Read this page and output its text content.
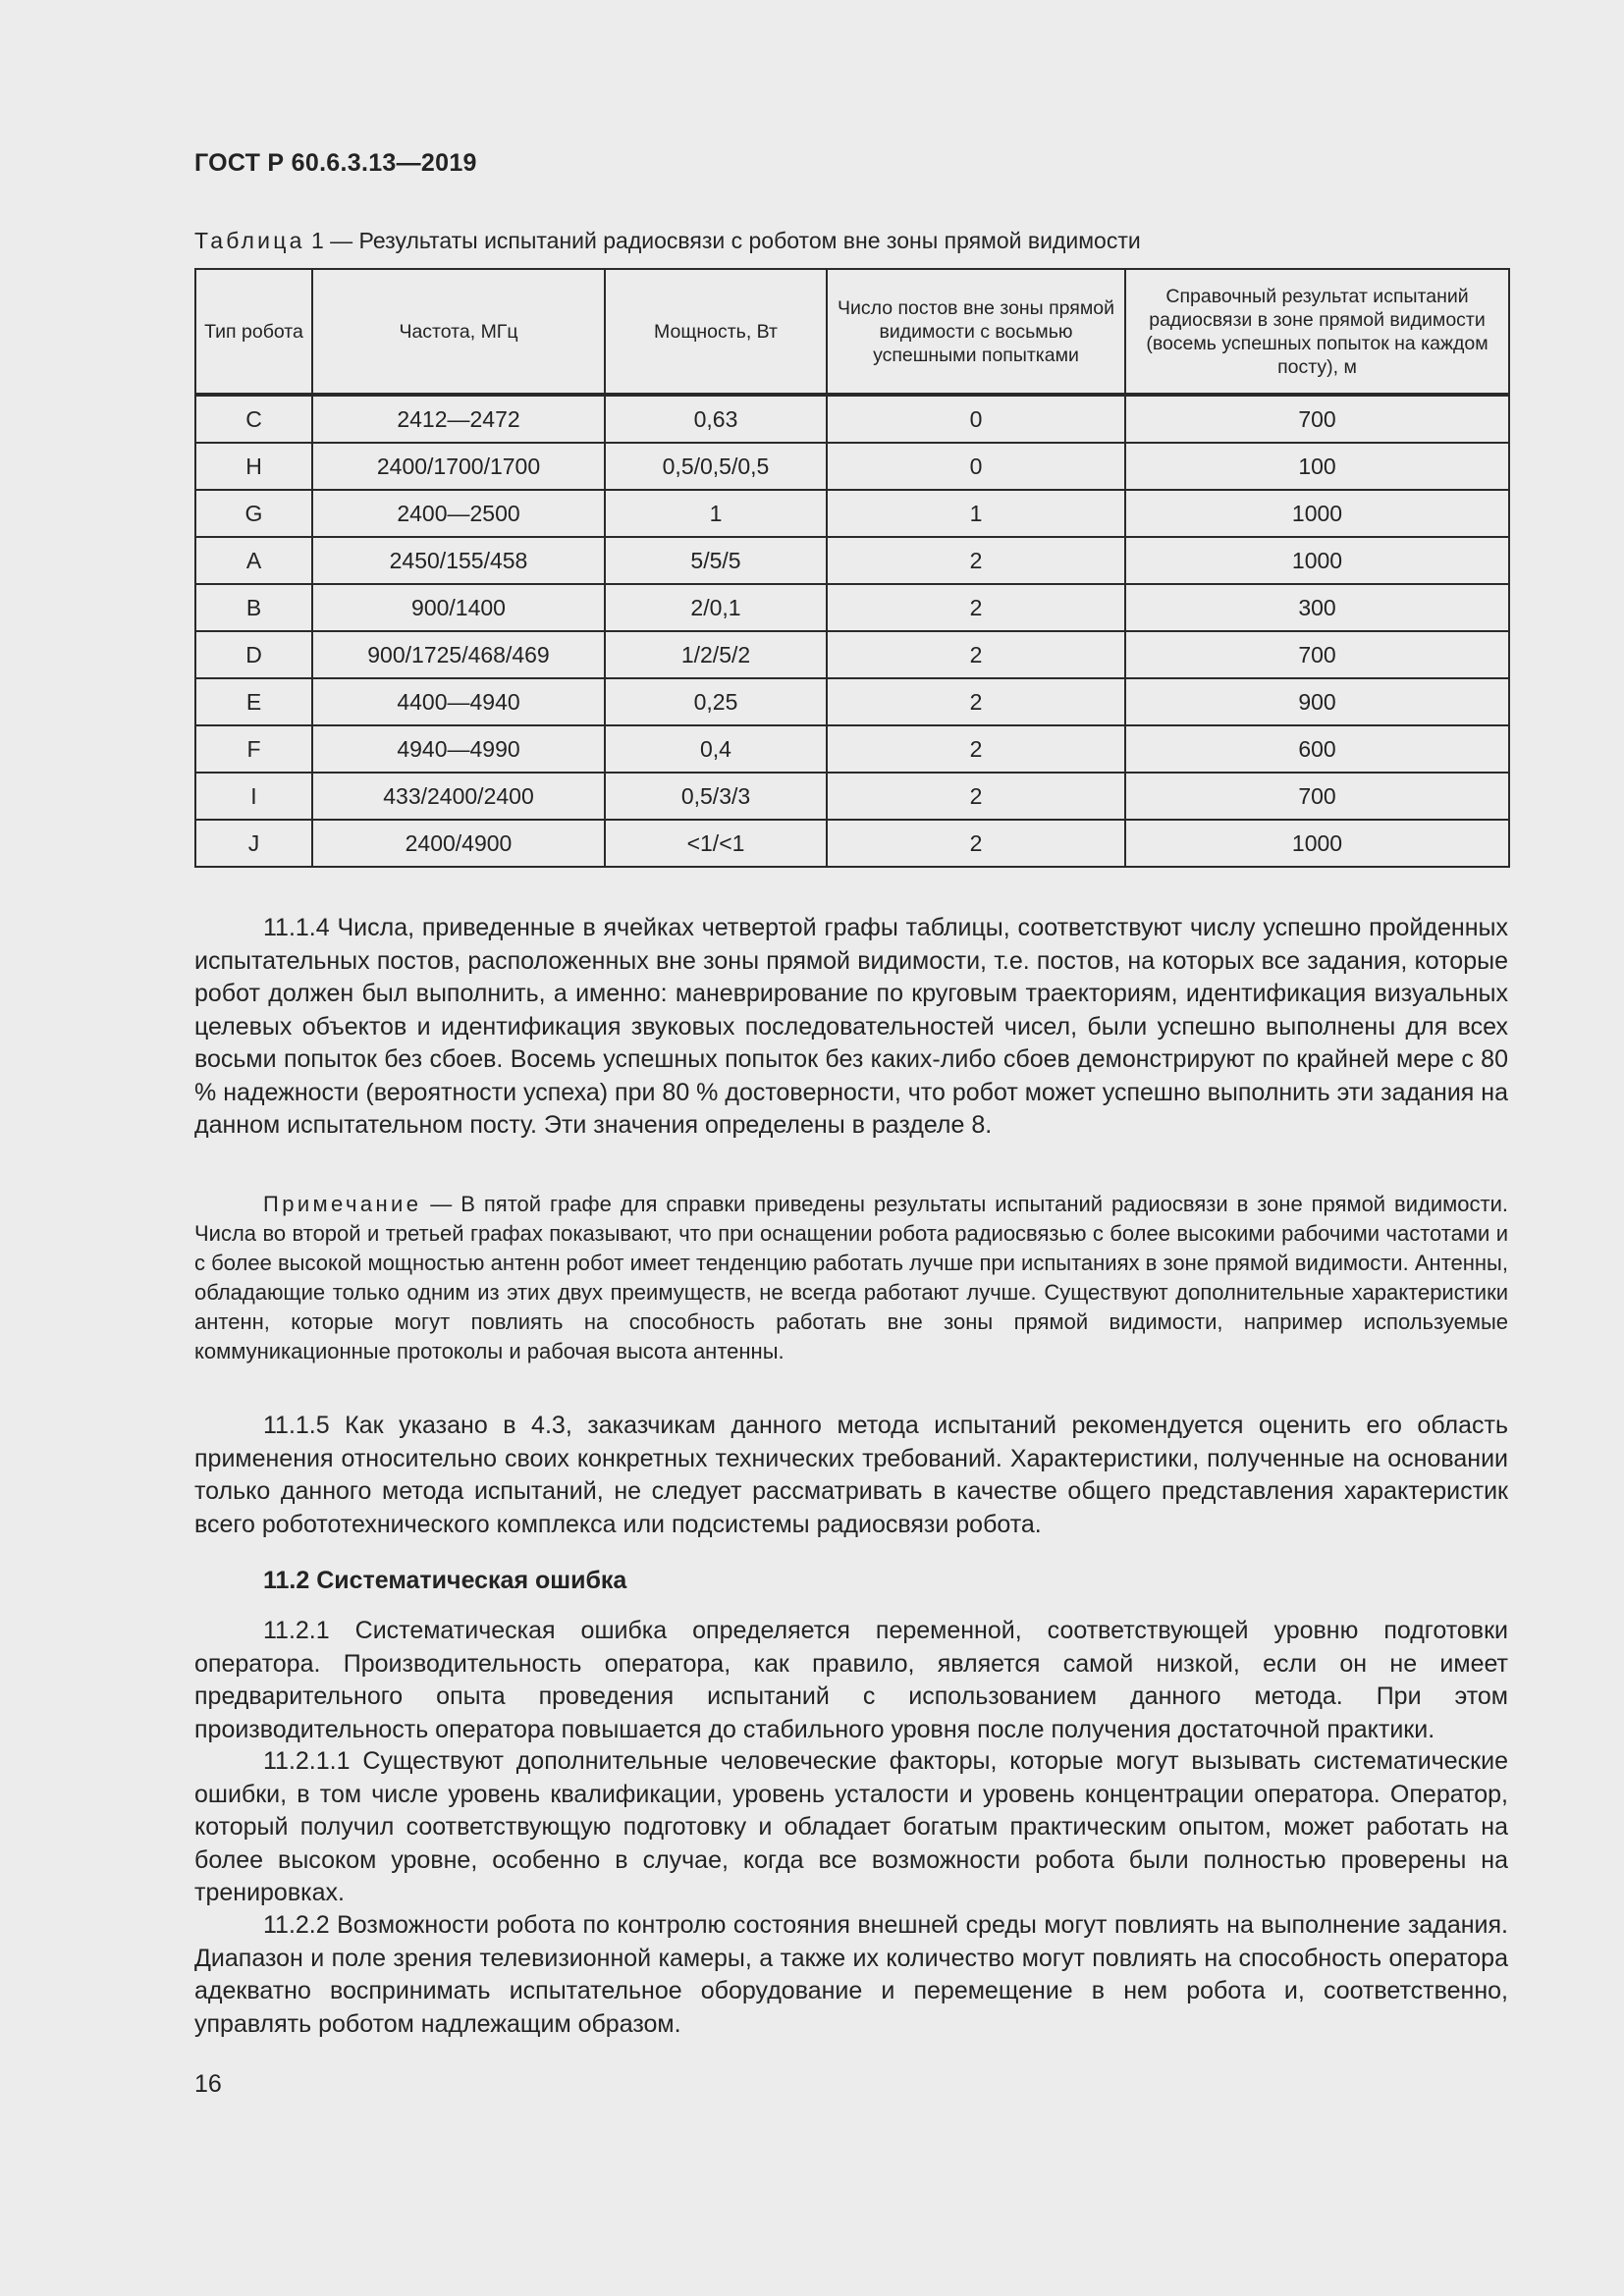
ГОСТ Р 60.6.3.13—2019
Таблица 1 — Результаты испытаний радиосвязи с роботом вне зоны прямой видимости
Тип робота	Частота, МГц	Мощность, Вт	Число постов вне зоны прямой видимости с восьмью успешными попытками	Справочный результат испытаний радиосвязи в зоне прямой видимости (восемь успешных попыток на каждом посту), м
C	2412—2472	0,63	0	700
H	2400/1700/1700	0,5/0,5/0,5	0	100
G	2400—2500	1	1	1000
A	2450/155/458	5/5/5	2	1000
B	900/1400	2/0,1	2	300
D	900/1725/468/469	1/2/5/2	2	700
E	4400—4940	0,25	2	900
F	4940—4990	0,4	2	600
I	433/2400/2400	0,5/3/3	2	700
J	2400/4900	<1/<1	2	1000

11.1.4 Числа, приведенные в ячейках четвертой графы таблицы, соответствуют числу успешно пройденных испытательных постов, расположенных вне зоны прямой видимости, т.е. постов, на которых все задания, которые робот должен был выполнить, а именно: маневрирование по круговым траекториям, идентификация визуальных целевых объектов и идентификация звуковых последовательностей чисел, были успешно выполнены для всех восьми попыток без сбоев. Восемь успешных попыток без каких-либо сбоев демонстрируют по крайней мере с 80 % надежности (вероятности успеха) при 80 % достоверности, что робот может успешно выполнить эти задания на данном испытательном посту. Эти значения определены в разделе 8.

Примечание — В пятой графе для справки приведены результаты испытаний радиосвязи в зоне прямой видимости. Числа во второй и третьей графах показывают, что при оснащении робота радиосвязью с более высокими рабочими частотами и с более высокой мощностью антенн робот имеет тенденцию работать лучше при испытаниях в зоне прямой видимости. Антенны, обладающие только одним из этих двух преимуществ, не всегда работают лучше. Существуют дополнительные характеристики антенн, которые могут повлиять на способность работать вне зоны прямой видимости, например используемые коммуникационные протоколы и рабочая высота антенны.

11.1.5 Как указано в 4.3, заказчикам данного метода испытаний рекомендуется оценить его область применения относительно своих конкретных технических требований. Характеристики, полученные на основании только данного метода испытаний, не следует рассматривать в качестве общего представления характеристик всего робототехнического комплекса или подсистемы радиосвязи робота.

11.2 Систематическая ошибка

11.2.1 Систематическая ошибка определяется переменной, соответствующей уровню подготовки оператора. Производительность оператора, как правило, является самой низкой, если он не имеет предварительного опыта проведения испытаний с использованием данного метода. При этом производительность оператора повышается до стабильного уровня после получения достаточной практики.

11.2.1.1 Существуют дополнительные человеческие факторы, которые могут вызывать систематические ошибки, в том числе уровень квалификации, уровень усталости и уровень концентрации оператора. Оператор, который получил соответствующую подготовку и обладает богатым практическим опытом, может работать на более высоком уровне, особенно в случае, когда все возможности робота были полностью проверены на тренировках.

11.2.2 Возможности робота по контролю состояния внешней среды могут повлиять на выполнение задания. Диапазон и поле зрения телевизионной камеры, а также их количество могут повлиять на способность оператора адекватно воспринимать испытательное оборудование и перемещение в нем робота и, соответственно, управлять роботом надлежащим образом.

16
